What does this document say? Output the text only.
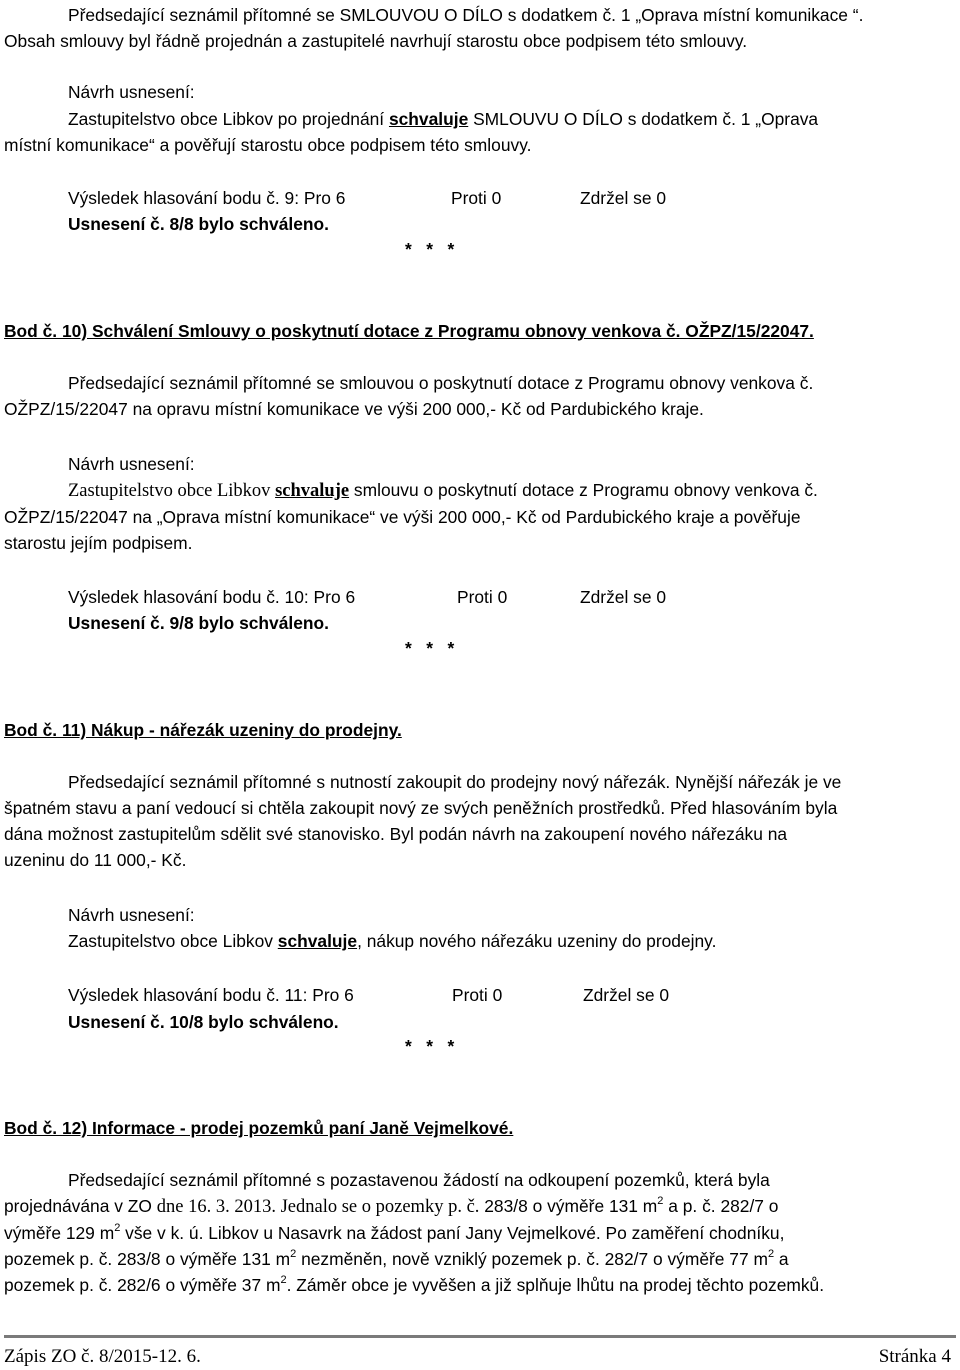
Předsedající seznámil přítomné se SMLOUVOU O DÍLO s dodatkem č. 1 „Oprava místní komunikace “.
Obsah smlouvy byl řádně projednán a zastupitelé navrhují starostu obce podpisem této smlouvy.
Návrh usnesení:
Zastupitelstvo obce Libkov po projednání schvaluje SMLOUVU O DÍLO s dodatkem č. 1 „Oprava
místní komunikace“ a pověřují starostu obce podpisem této smlouvy.
Výsledek hlasování bodu č. 9: Pro 6	Proti 0	Zdržel se 0
Usnesení č. 8/8 bylo schváleno.
*   *   *
Bod č. 10) Schválení Smlouvy o poskytnutí dotace z Programu obnovy venkova č. OŽPZ/15/22047.
Předsedající seznámil přítomné se smlouvou o poskytnutí dotace z Programu obnovy venkova č.
OŽPZ/15/22047 na opravu místní komunikace ve výši 200 000,- Kč od Pardubického kraje.
Návrh usnesení:
Zastupitelstvo obce Libkov schvaluje smlouvu o poskytnutí dotace z Programu obnovy venkova č.
OŽPZ/15/22047 na „Oprava místní komunikace“ ve výši 200 000,- Kč od Pardubického kraje a pověřuje
starostu jejím podpisem.
Výsledek hlasování bodu č. 10: Pro 6	Proti 0	Zdržel se 0
Usnesení č. 9/8 bylo schváleno.
*   *   *
Bod č. 11) Nákup - nářezák uzeniny do prodejny.
Předsedající seznámil přítomné s nutností zakoupit do prodejny nový nářezák. Nynější nářezák je ve
špatném stavu a paní vedoucí si chtěla zakoupit nový ze svých peněžních prostředků. Před hlasováním byla
dána možnost zastupitelům sdělit své stanovisko. Byl podán návrh na zakoupení nového nářezáku na
uzeninu do 11 000,- Kč.
Návrh usnesení:
Zastupitelstvo obce Libkov schvaluje, nákup nového nářezáku uzeniny do prodejny.
Výsledek hlasování bodu č. 11: Pro 6	Proti 0	Zdržel se 0
Usnesení č. 10/8 bylo schváleno.
*   *   *
Bod č. 12) Informace - prodej pozemků paní Janě Vejmelkové.
Předsedající seznámil přítomné s pozastavenou žádostí na odkoupení pozemků, která byla
projednávána v ZO dne 16. 3. 2013. Jednalo se o pozemky p. č. 283/8 o výměře 131 $m^2$ a p. č. 282/7 o
výměře 129 $m^2$ vše v k. ú. Libkov u Nasavrk na žádost paní Jany Vejmelkové. Po zaměření chodníku,
pozemek p. č. 283/8 o výměře 131 $m^2$ nezměněn, nově vzniklý pozemek p. č. 282/7 o výměře 77 $m^2$ a
pozemek p. č. 282/6 o výměře 37 $m^2$. Záměr obce je vyvěšen a již splňuje lhůtu na prodej těchto pozemků.
Zápis ZO č. 8/2015-12. 6.	Stránka 4
